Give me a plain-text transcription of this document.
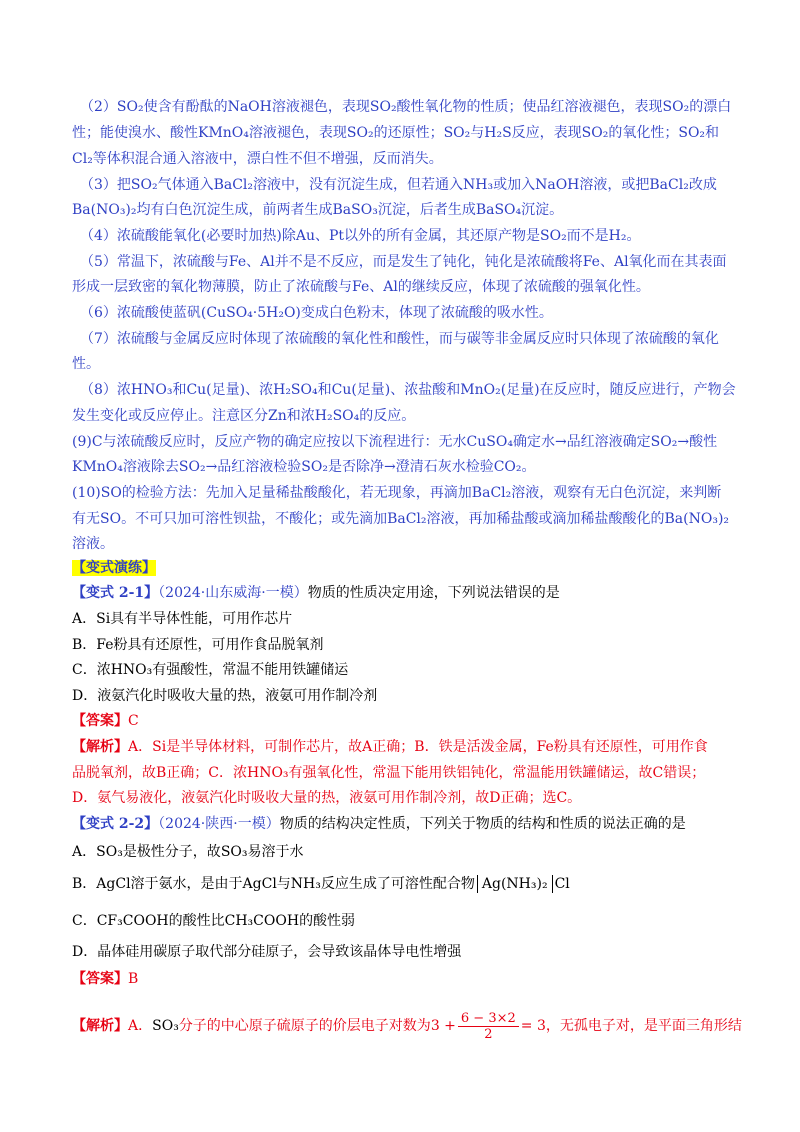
（2）SO₂使含有酚酞的NaOH溶液褪色，表现SO₂酸性氧化物的性质；使品红溶液褪色，表现SO₂的漂白
性；能使溴水、酸性KMnO₄溶液褪色，表现SO₂的还原性；SO₂与H₂S反应，表现SO₂的氧化性；SO₂和
Cl₂等体积混合通入溶液中，漂白性不但不增强，反而消失。
（3）把SO₂气体通入BaCl₂溶液中，没有沉淀生成，但若通入NH₃或加入NaOH溶液，或把BaCl₂改成
Ba(NO₃)₂均有白色沉淀生成，前两者生成BaSO₃沉淀，后者生成BaSO₄沉淀。
（4）浓硫酸能氧化(必要时加热)除Au、Pt以外的所有金属，其还原产物是SO₂而不是H₂。
（5）常温下，浓硫酸与Fe、Al并不是不反应，而是发生了钝化，钝化是浓硫酸将Fe、Al氧化而在其表面
形成一层致密的氧化物薄膜，防止了浓硫酸与Fe、Al的继续反应，体现了浓硫酸的强氧化性。
（6）浓硫酸使蓝矾(CuSO₄·5H₂O)变成白色粉末，体现了浓硫酸的吸水性。
（7）浓硫酸与金属反应时体现了浓硫酸的氧化性和酸性，而与碳等非金属反应时只体现了浓硫酸的氧化
性。
（8）浓HNO₃和Cu(足量)、浓H₂SO₄和Cu(足量)、浓盐酸和MnO₂(足量)在反应时，随反应进行，产物会
发生变化或反应停止。注意区分Zn和浓H₂SO₄的反应。
(9)C与浓硫酸反应时，反应产物的确定应按以下流程进行：无水CuSO₄确定水→品红溶液确定SO₂→酸性
KMnO₄溶液除去SO₂→品红溶液检验SO₂是否除净→澄清石灰水检验CO₂。
(10)SO的检验方法：先加入足量稀盐酸酸化，若无现象，再滴加BaCl₂溶液，观察有无白色沉淀，来判断
有无SO。不可只加可溶性钡盐，不酸化；或先滴加BaCl₂溶液，再加稀盐酸或滴加稀盐酸酸化的Ba(NO₃)₂
溶液。
【变式演练】
【变式 2-1】（2024·山东威海·一模）物质的性质决定用途，下列说法错误的是
A．Si具有半导体性能，可用作芯片
B．Fe粉具有还原性，可用作食品脱氧剂
C．浓HNO₃有强酸性，常温不能用铁罐储运
D．液氨汽化时吸收大量的热，液氨可用作制冷剂
【答案】C
【解析】A．Si是半导体材料，可制作芯片，故A正确；B．铁是活泼金属，Fe粉具有还原性，可用作食
品脱氧剂，故B正确；C．浓HNO₃有强氧化性，常温下能用铁铝钝化，常温能用铁罐储运，故C错误；
D．氨气易液化，液氨汽化时吸收大量的热，液氨可用作制冷剂，故D正确；选C。
【变式 2-2】（2024·陕西·一模）物质的结构决定性质，下列关于物质的结构和性质的说法正确的是
A．SO₃是极性分子，故SO₃易溶于水
B．AgCl溶于氨水，是由于AgCl与NH₃反应生成了可溶性配合物 Ag(NH₃)₂ Cl
C．CF₃COOH的酸性比CH₃COOH的酸性弱
D．晶体硅用碳原子取代部分硅原子，会导致该晶体导电性增强
【答案】B
【解析】A．SO₃分子的中心原子硫原子的价层电子对数为$3 + \frac{6 - 3\times 2}{2} = 3$，无孤电子对，是平面三角形结
